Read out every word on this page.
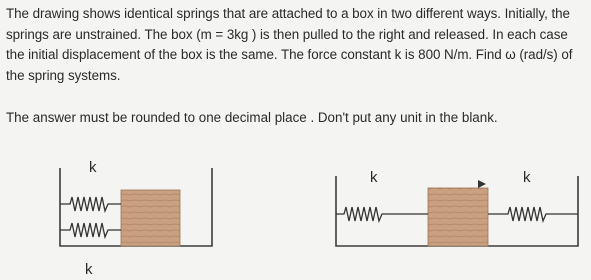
The drawing shows identical springs that are attached to a box in two different ways. Initially, the springs are unstrained. The box (m = 3kg ) is then pulled to the right and released. In each case the initial displacement of the box is the same. The force constant k is 800 N/m. Find ω (rad/s) of the spring systems.

The answer must be rounded to one decimal place . Don't put any unit in the blank.
k
k
k	k
